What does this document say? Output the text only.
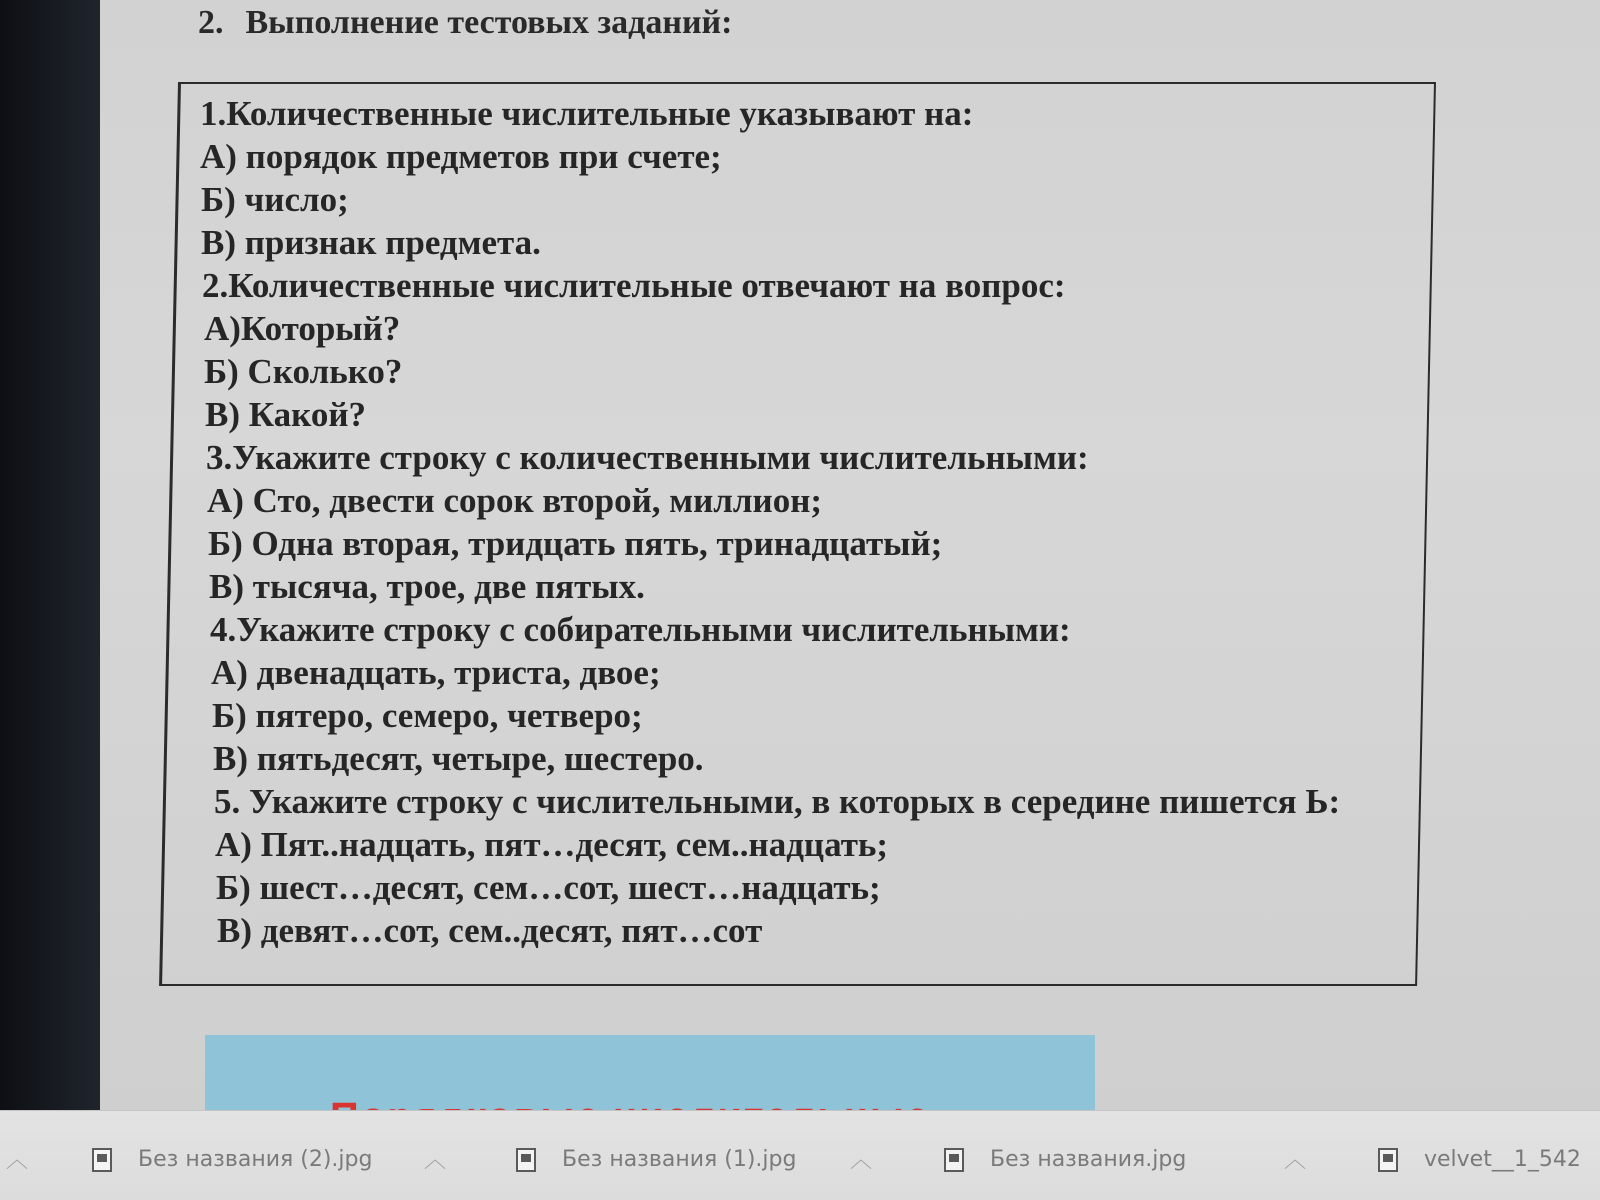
2. Выполнение тестовых заданий:
1.Количественные числительные указывают на:
А) порядок предметов при счете;
Б) число;
В) признак предмета.
2.Количественные числительные отвечают на вопрос:
А)Который?
Б) Сколько?
В) Какой?
3.Укажите строку с количественными числительными:
А) Сто, двести сорок второй, миллион;
Б) Одна вторая, тридцать пять, тринадцатый;
В) тысяча, трое, две пятых.
4.Укажите строку с собирательными числительными:
А) двенадцать, триста, двое;
Б) пятеро, семеро, четверо;
В) пятьдесят, четыре, шестеро.
5. Укажите строку с числительными, в которых в середине пишется Ь:
А) Пят..надцать, пят…десят, сем..надцать;
Б) шест…десят, сем…сот, шест…надцать;
В) девят…сот, сем..десят, пят…сот
︿	Без названия (2).jpg ︿	Без названия (1).jpg ︿	Без названия.jpg	︿	velvet__1_542
